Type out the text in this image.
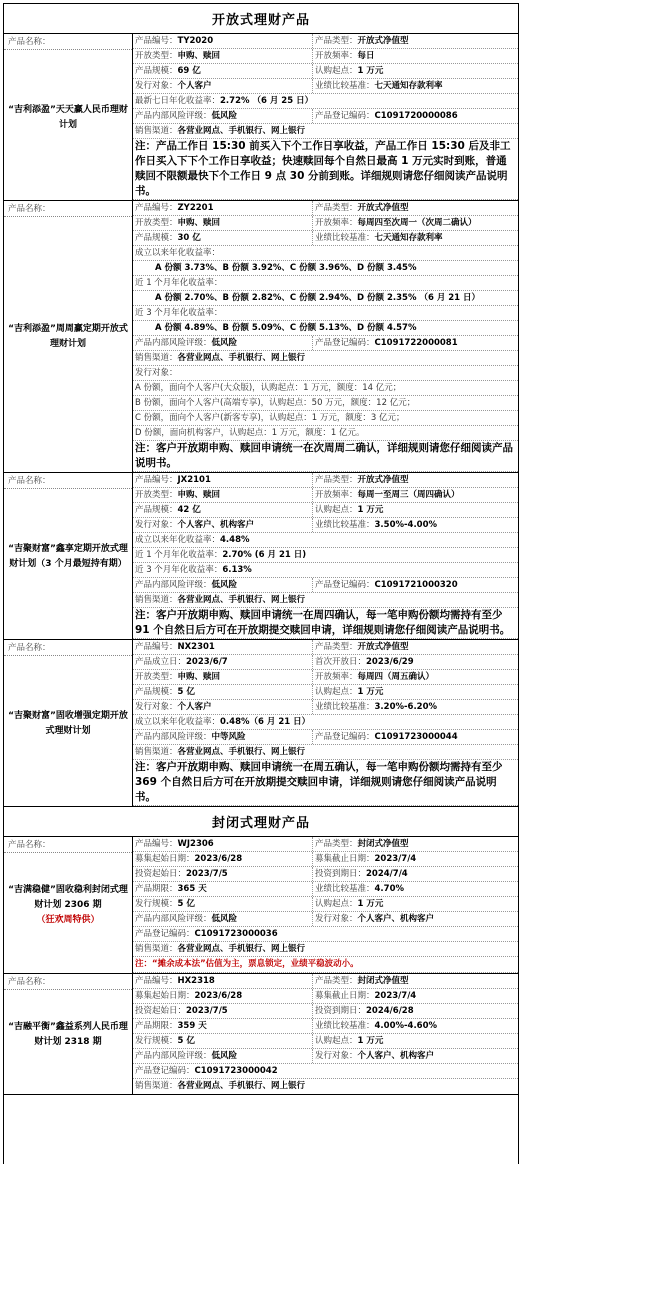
开放式理财产品
产品名称：
“吉利添盈”天天赢人民币理财计划
产品编号：TY2020	产品类型：开放式净值型
开放类型：申购、赎回	开放频率：每日
产品规模：69 亿	认购起点：1 万元
发行对象：个人客户	业绩比较基准：七天通知存款利率
最新七日年化收益率：2.72% （6 月 25 日）
产品内部风险评级：低风险	产品登记编码：C1091720000086
销售渠道：各营业网点、手机银行、网上银行
注：产品工作日 15:30 前买入下个工作日享收益，产品工作日 15:30 后及非工作日买入下下个工作日享收益；快速赎回每个自然日最高 1 万元实时到账，普通赎回不限额最快下个工作日 9 点 30 分前到账。详细规则请您仔细阅读产品说明书。
产品名称：
“吉利添盈”周周赢定期开放式理财计划
产品编号：ZY2201	产品类型：开放式净值型
开放类型：申购、赎回	开放频率：每周四至次周一（次周二确认）
产品规模：30 亿	业绩比较基准：七天通知存款利率
成立以来年化收益率：
A 份额 3.73%、B 份额 3.92%、C 份额 3.96%、D 份额 3.45%
近 1 个月年化收益率：
A 份额 2.70%、B 份额 2.82%、C 份额 2.94%、D 份额 2.35% （6 月 21 日）
近 3 个月年化收益率：
A 份额 4.89%、B 份额 5.09%、C 份额 5.13%、D 份额 4.57%
产品内部风险评级：低风险	产品登记编码：C1091722000081
销售渠道：各营业网点、手机银行、网上银行
发行对象：
A 份额，面向个人客户(大众版)，认购起点：1 万元，额度：14 亿元；
B 份额，面向个人客户(高端专享)，认购起点：50 万元，额度：12 亿元；
C 份额，面向个人客户(新客专享)，认购起点：1 万元，额度：3 亿元；
D 份额，面向机构客户，认购起点：1 万元，额度：1 亿元。
注：客户开放期申购、赎回申请统一在次周周二确认，详细规则请您仔细阅读产品说明书。
产品名称：
“吉聚财富”鑫享定期开放式理财计划（3 个月最短持有期）
产品编号：JX2101	产品类型：开放式净值型
开放类型：申购、赎回	开放频率：每周一至周三（周四确认）
产品规模：42 亿	认购起点：1 万元
发行对象：个人客户、机构客户	业绩比较基准：3.50%-4.00%
成立以来年化收益率：4.48%
近 1 个月年化收益率：2.70% (6 月 21 日)
近 3 个月年化收益率：6.13%
产品内部风险评级：低风险	产品登记编码：C1091721000320
销售渠道：各营业网点、手机银行、网上银行
注：客户开放期申购、赎回申请统一在周四确认，每一笔申购份额均需持有至少 91 个自然日后方可在开放期提交赎回申请，详细规则请您仔细阅读产品说明书。
产品名称：
“吉聚财富”固收增强定期开放式理财计划
产品编号：NX2301	产品类型：开放式净值型
产品成立日：2023/6/7	首次开放日：2023/6/29
开放类型：申购、赎回	开放频率：每周四（周五确认）
产品规模：5 亿	认购起点：1 万元
发行对象：个人客户	业绩比较基准：3.20%-6.20%
成立以来年化收益率：0.48%（6 月 21 日）
产品内部风险评级：中等风险	产品登记编码：C1091723000044
销售渠道：各营业网点、手机银行、网上银行
注：客户开放期申购、赎回申请统一在周五确认，每一笔申购份额均需持有至少 369 个自然日后方可在开放期提交赎回申请，详细规则请您仔细阅读产品说明书。
封闭式理财产品
产品名称：
“吉满稳健”固收稳利封闭式理财计划 2306 期
（狂欢周特供）
产品编号：WJ2306	产品类型：封闭式净值型
募集起始日期：2023/6/28	募集截止日期：2023/7/4
投资起始日：2023/7/5	投资到期日：2024/7/4
产品期限：365 天	业绩比较基准：4.70%
发行规模：5 亿	认购起点：1 万元
产品内部风险评级：低风险	发行对象：个人客户、机构客户
产品登记编码：C1091723000036
销售渠道：各营业网点、手机银行、网上银行
注：“摊余成本法”估值为主，票息锁定，业绩平稳波动小。
产品名称：
“吉融平衡”鑫益系列人民币理财计划 2318 期
产品编号：HX2318	产品类型：封闭式净值型
募集起始日期：2023/6/28	募集截止日期：2023/7/4
投资起始日：2023/7/5	投资到期日：2024/6/28
产品期限：359 天	业绩比较基准：4.00%-4.60%
发行规模：5 亿	认购起点：1 万元
产品内部风险评级：低风险	发行对象：个人客户、机构客户
产品登记编码：C1091723000042
销售渠道：各营业网点、手机银行、网上银行
